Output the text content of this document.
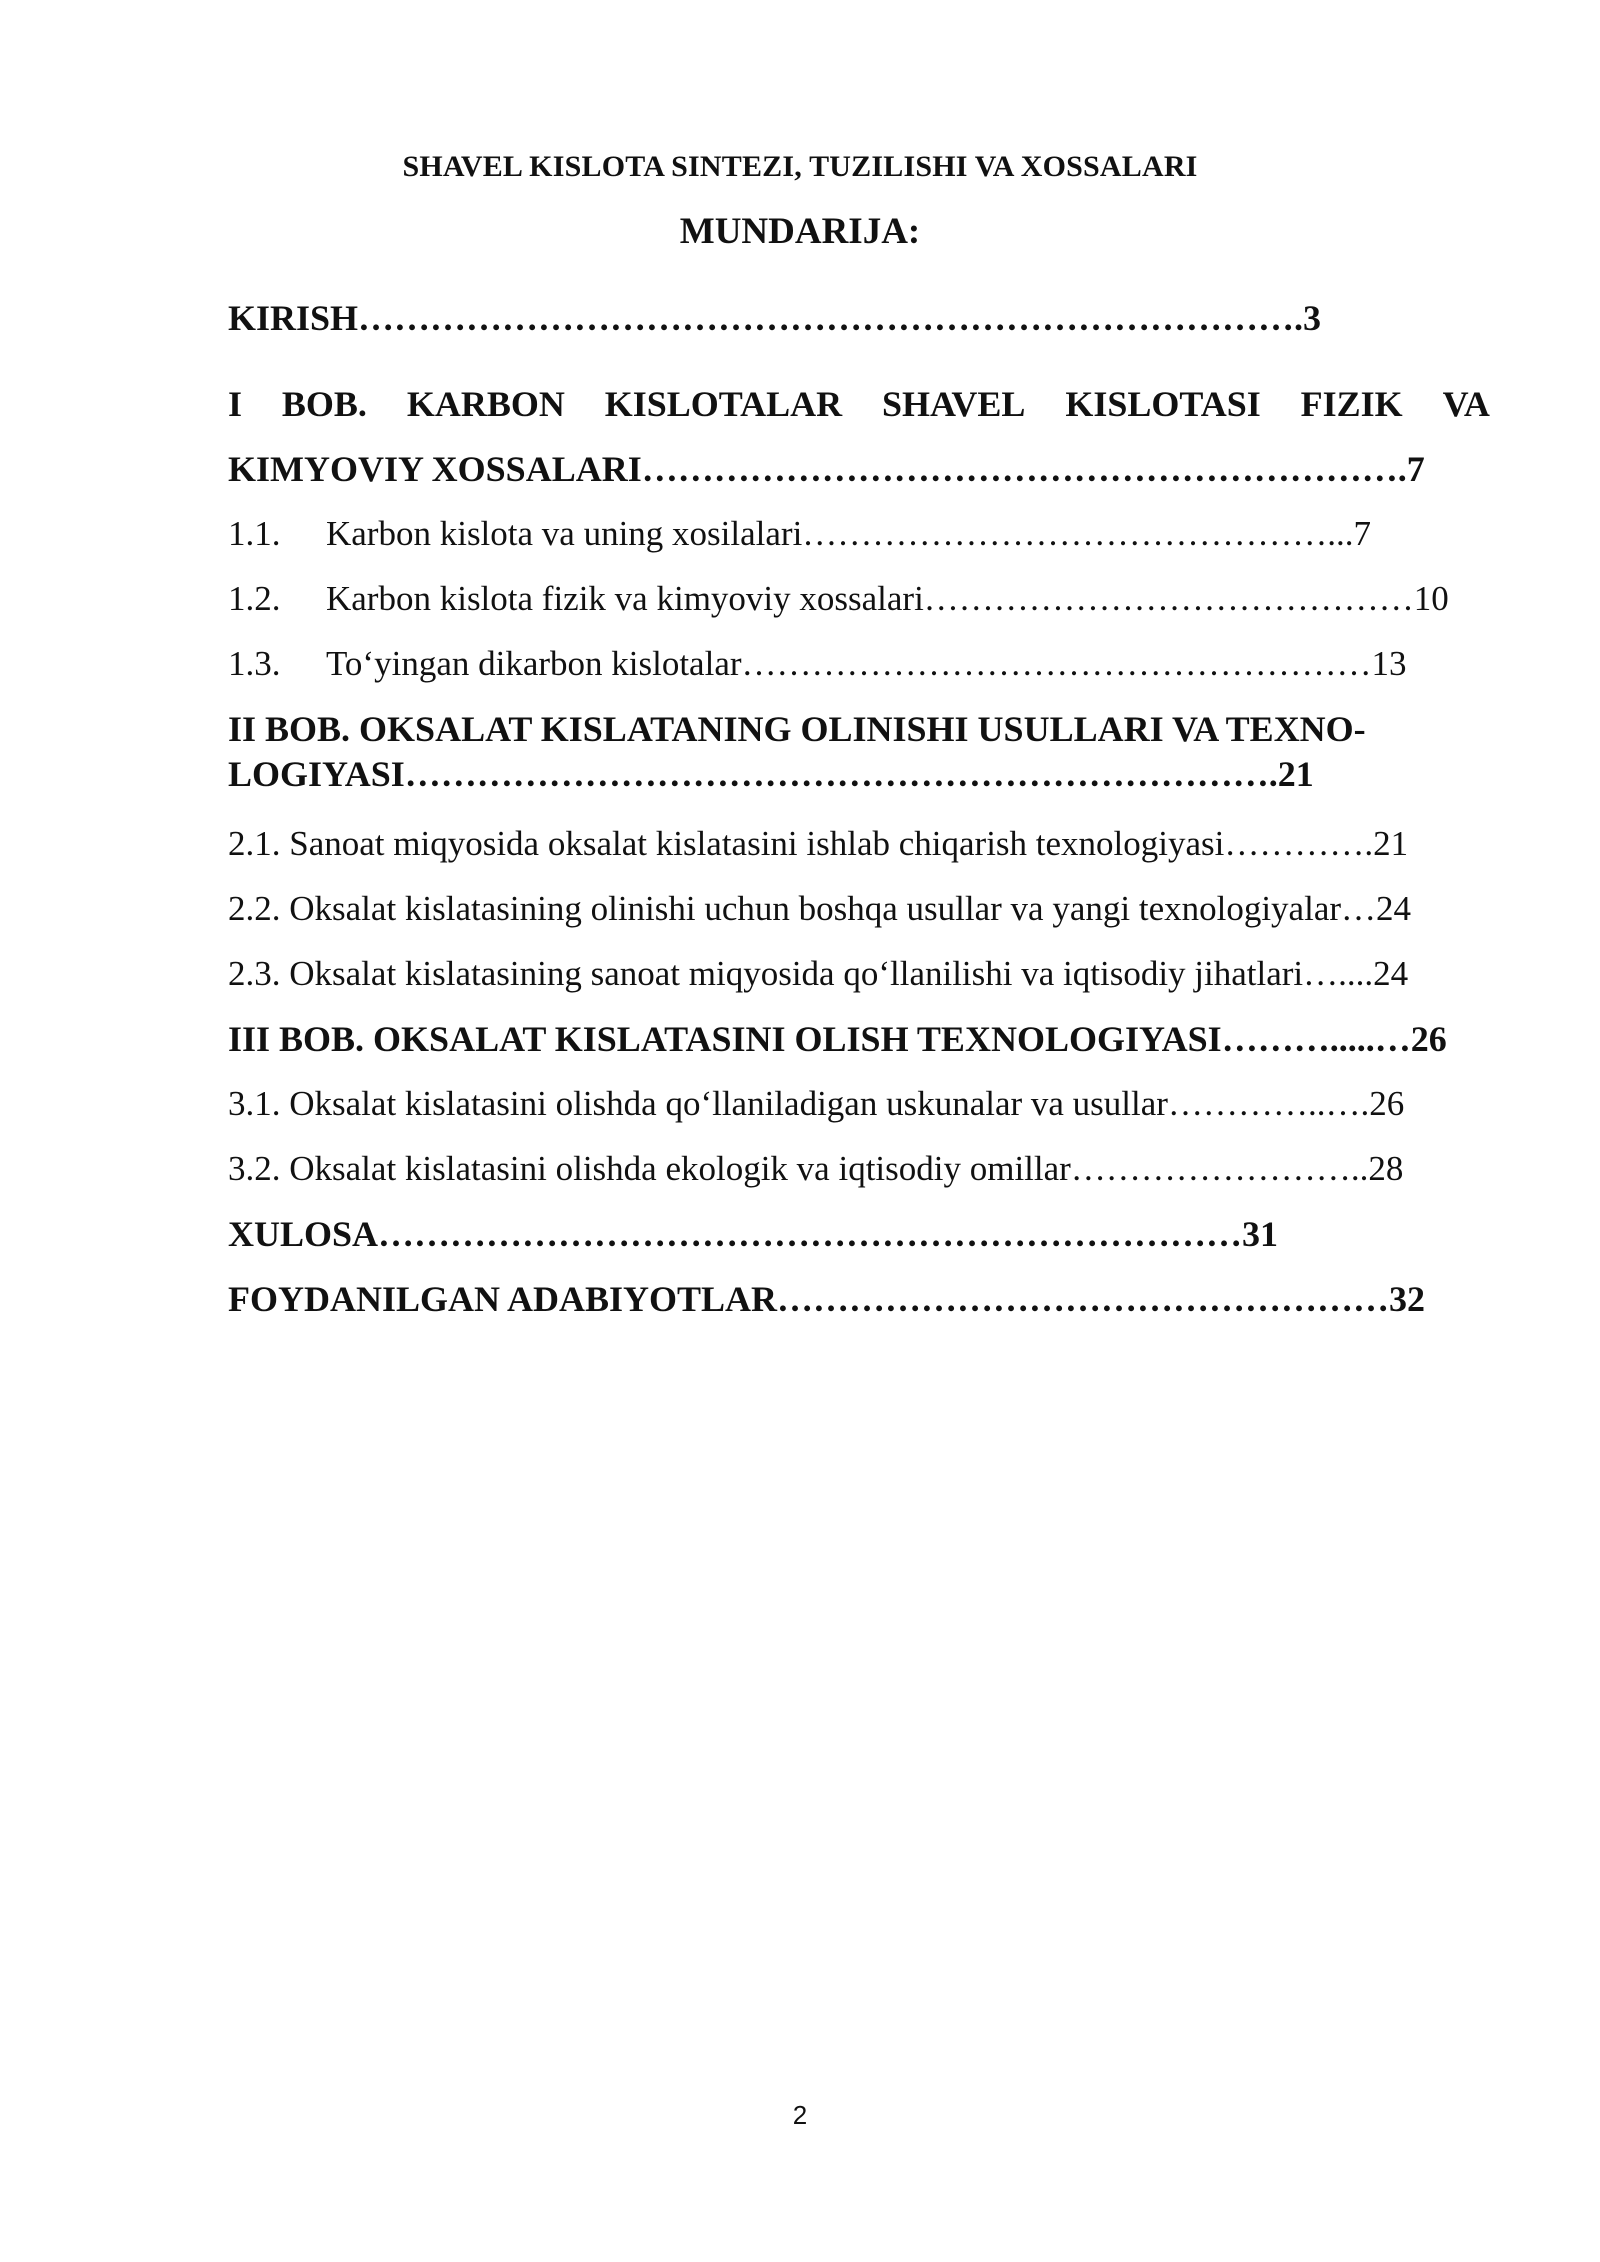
SHAVEL KISLOTA SINTEZI, TUZILISHI VA XOSSALARI
MUNDARIJA:
KIRISH…………………………………………………………………….3
I BOB. KARBON KISLOTALAR SHAVEL KISLOTASI FIZIK VA
KIMYOVIY XOSSALARI……………………………………………………….7
1.1. Karbon kislota va uning xosilalari………………………………………...7
1.2. Karbon kislota fizik va kimyoviy xossalari……………………………………10
1.3. To‘yingan dikarbon kislotalar………………………………………………13
II BOB. OKSALAT KISLATANING OLINISHI USULLARI VA TEXNO-
LOGIYASI……………………………………………………………….21
2.1. Sanoat miqyosida oksalat kislatasini ishlab chiqarish texnologiyasi………….21
2.2. Oksalat kislatasining olinishi uchun boshqa usullar va yangi texnologiyalar…24
2.3. Oksalat kislatasining sanoat miqyosida qo‘llanilishi va iqtisodiy jihatlari…....24
III BOB. OKSALAT KISLATASINI OLISH TEXNOLOGIYASI……….....…26
3.1. Oksalat kislatasini olishda qo‘llaniladigan uskunalar va usullar…………..….26
3.2. Oksalat kislatasini olishda ekologik va iqtisodiy omillar……………………..28
XULOSA………………………………………………………………31
FOYDANILGAN ADABIYOTLAR……………………………………………32
2
